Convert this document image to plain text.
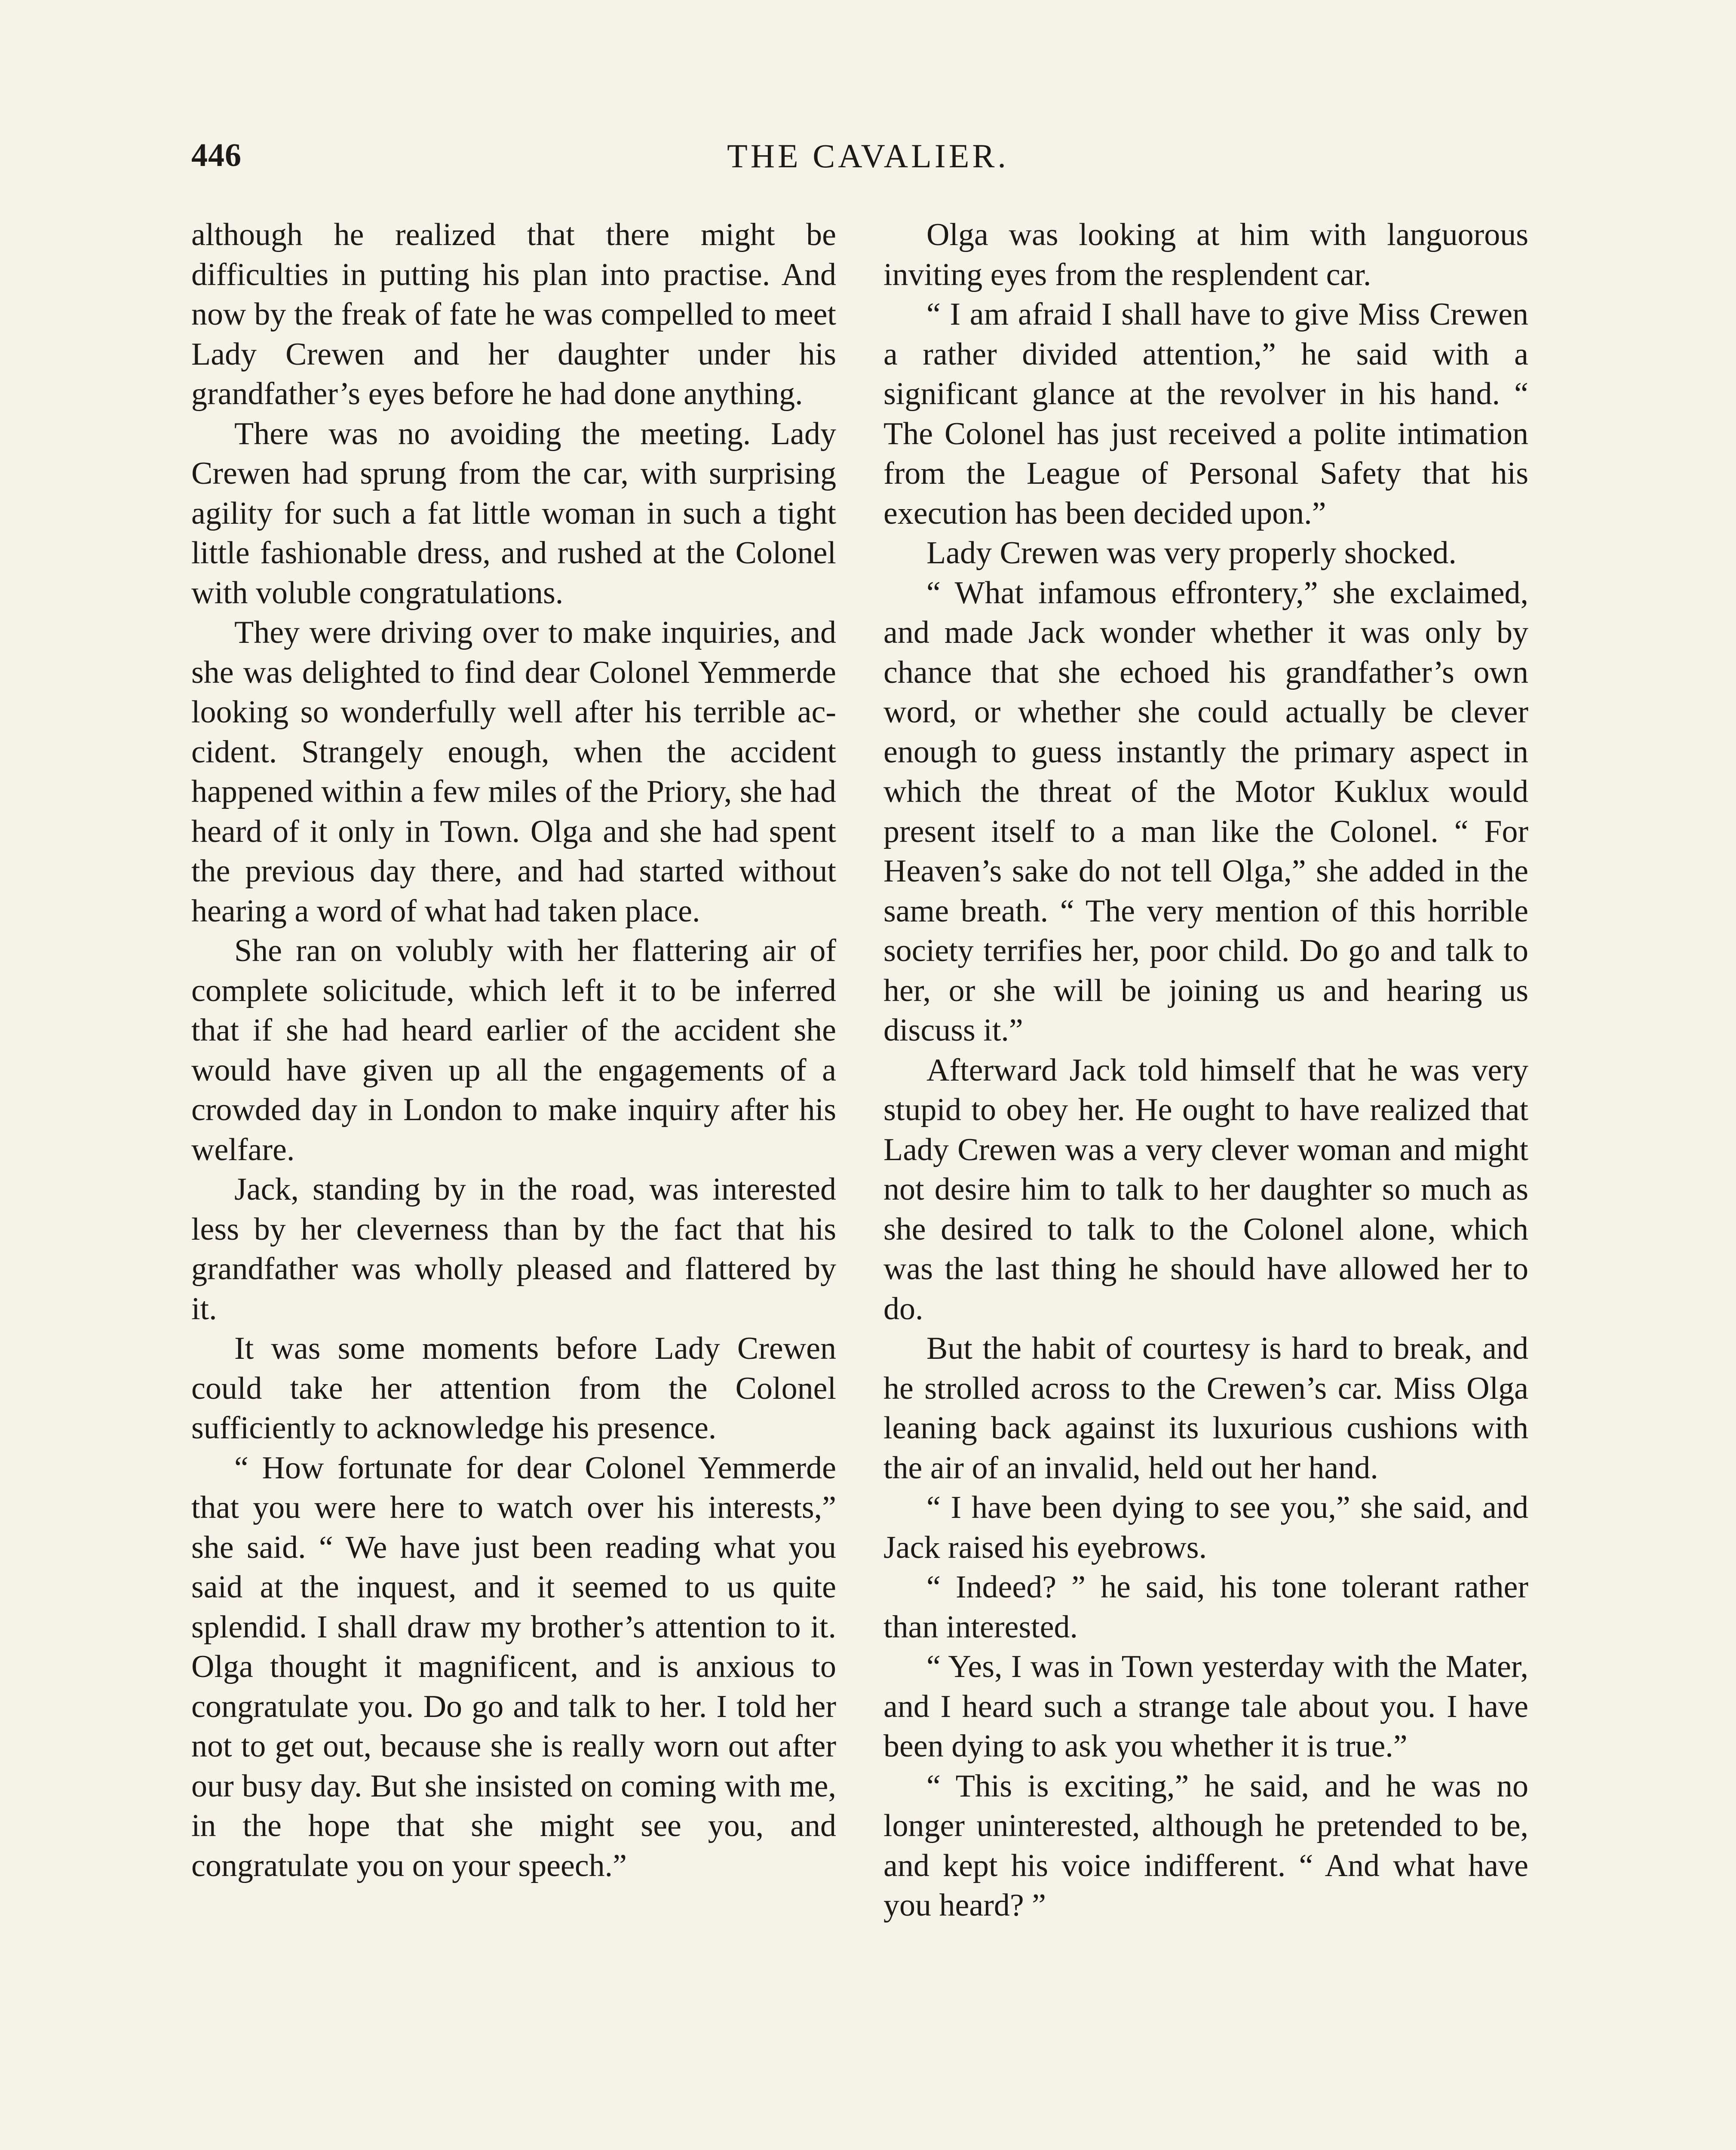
446	THE CAVALIER.

although he realized that there might be difficulties in putting his plan into practise. And now by the freak of fate he was compelled to meet Lady Crewen and her daughter under his grandfather’s eyes before he had done anything.

There was no avoiding the meeting. Lady Crewen had sprung from the car, with surprising agility for such a fat little woman in such a tight little fashionable dress, and rushed at the Colonel with voluble congratulations.

They were driving over to make inquiries, and she was delighted to find dear Colonel Yemmerde looking so wonderfully well after his terrible accident. Strangely enough, when the accident happened within a few miles of the Priory, she had heard of it only in Town. Olga and she had spent the previous day there, and had started without hearing a word of what had taken place.

She ran on volubly with her flattering air of complete solicitude, which left it to be inferred that if she had heard earlier of the accident she would have given up all the engagements of a crowded day in London to make inquiry after his welfare.

Jack, standing by in the road, was interested less by her cleverness than by the fact that his grandfather was wholly pleased and flattered by it.

It was some moments before Lady Crewen could take her attention from the Colonel sufficiently to acknowledge his presence.

“ How fortunate for dear Colonel Yemmerde that you were here to watch over his interests,” she said. “ We have just been reading what you said at the inquest, and it seemed to us quite splendid. I shall draw my brother’s attention to it. Olga thought it magnificent, and is anxious to congratulate you. Do go and talk to her. I told her not to get out, because she is really worn out after our busy day. But she insisted on coming with me, in the hope that she might see you, and congratulate you on your speech.”

Olga was looking at him with languorous inviting eyes from the resplendent car.

“ I am afraid I shall have to give Miss Crewen a rather divided attention,” he said with a significant glance at the revolver in his hand. “ The Colonel has just received a polite intimation from the League of Personal Safety that his execution has been decided upon.”

Lady Crewen was very properly shocked.

“ What infamous effrontery,” she exclaimed, and made Jack wonder whether it was only by chance that she echoed his grandfather’s own word, or whether she could actually be clever enough to guess instantly the primary aspect in which the threat of the Motor Kuklux would present itself to a man like the Colonel. “ For Heaven’s sake do not tell Olga,” she added in the same breath. “ The very mention of this horrible society terrifies her, poor child. Do go and talk to her, or she will be joining us and hearing us discuss it.”

Afterward Jack told himself that he was very stupid to obey her. He ought to have realized that Lady Crewen was a very clever woman and might not desire him to talk to her daughter so much as she desired to talk to the Colonel alone, which was the last thing he should have allowed her to do.

But the habit of courtesy is hard to break, and he strolled across to the Crewen’s car. Miss Olga leaning back against its luxurious cushions with the air of an invalid, held out her hand.

“ I have been dying to see you,” she said, and Jack raised his eyebrows.

“ Indeed? ” he said, his tone tolerant rather than interested.

“ Yes, I was in Town yesterday with the Mater, and I heard such a strange tale about you. I have been dying to ask you whether it is true.”

“ This is exciting,” he said, and he was no longer uninterested, although he pretended to be, and kept his voice indifferent. “ And what have you heard? ”
